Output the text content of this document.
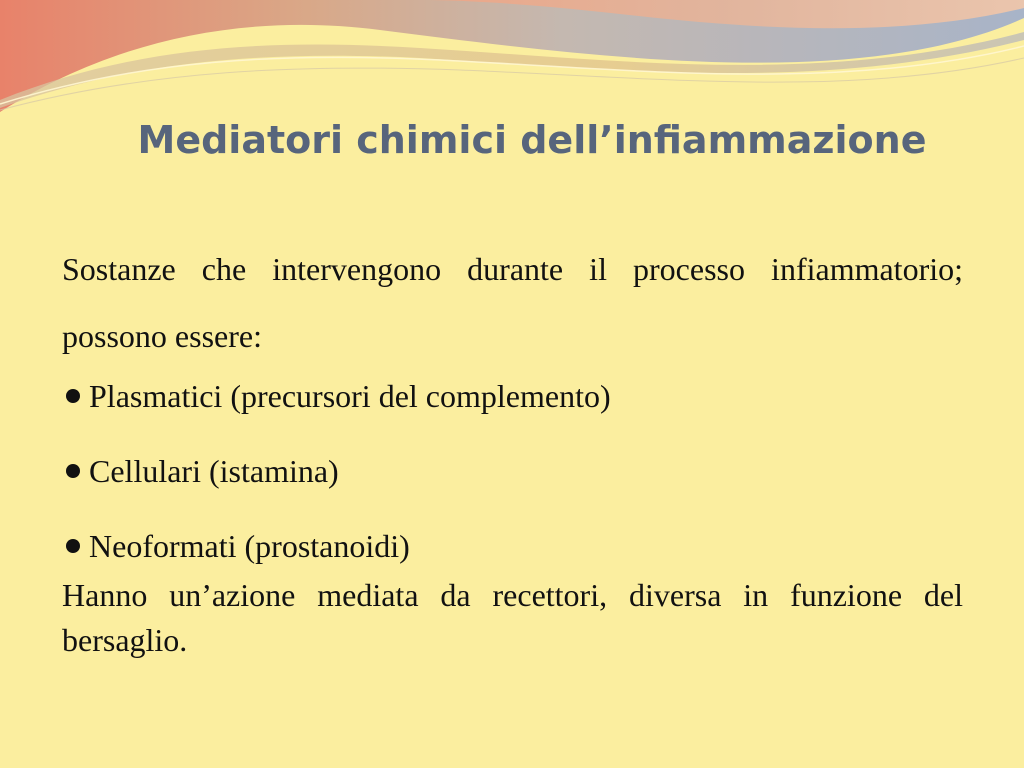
Mediatori chimici dell’infiammazione

Sostanze che intervengono durante il processo infiammatorio; possono essere:

Plasmatici (precursori del complemento)
Cellulari (istamina)
Neoformati (prostanoidi)

Hanno un’azione mediata da recettori, diversa in funzione del bersaglio.
